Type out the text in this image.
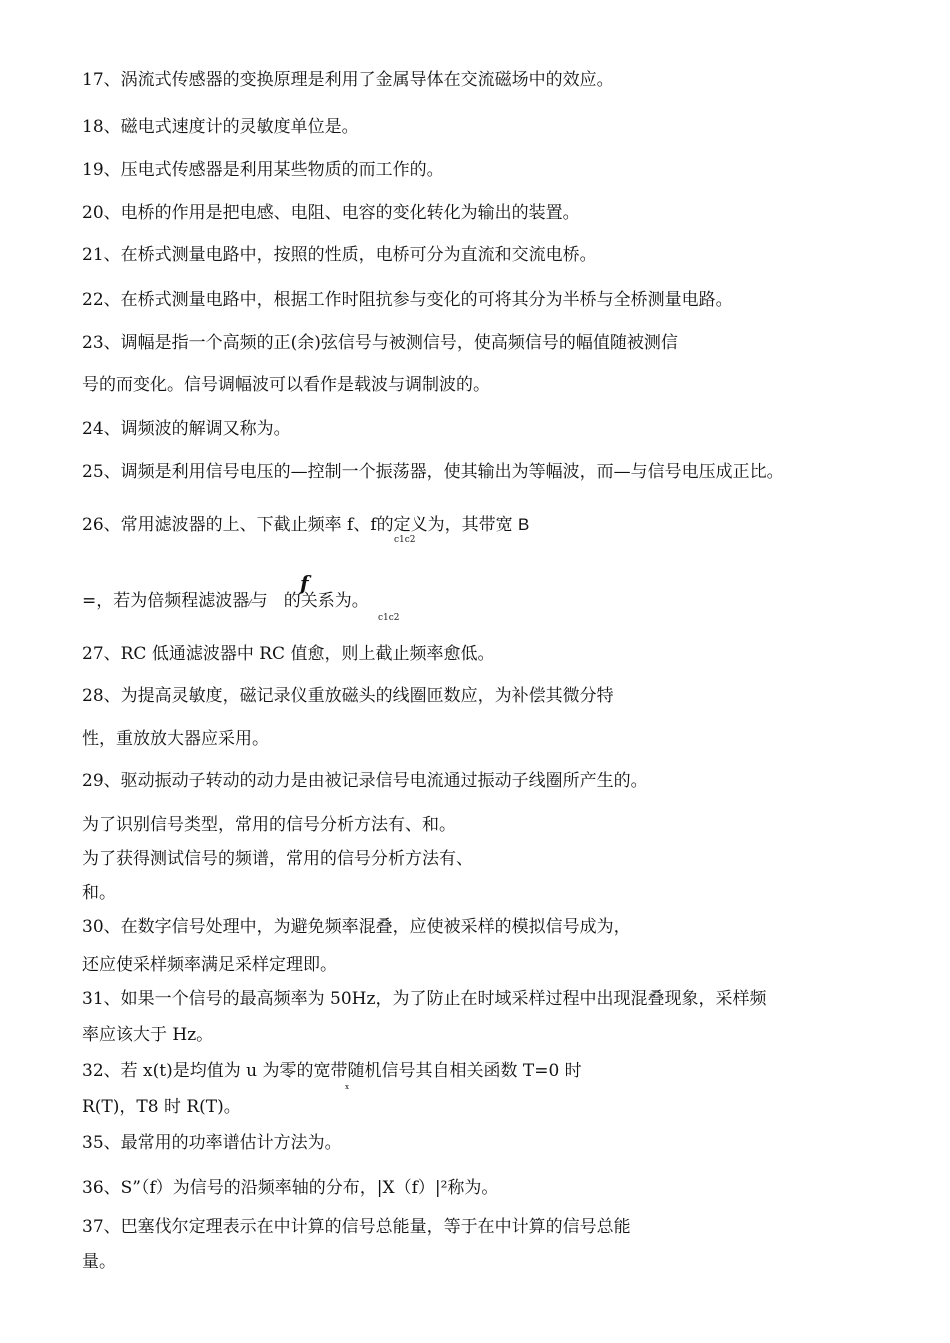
17、涡流式传感器的变换原理是利用了金属导体在交流磁场中的效应。
18、磁电式速度计的灵敏度单位是。
19、压电式传感器是利用某些物质的而工作的。
20、电桥的作用是把电感、电阻、电容的变化转化为输出的装置。
21、在桥式测量电路中，按照的性质，电桥可分为直流和交流电桥。
22、在桥式测量电路中，根据工作时阻抗参与变化的可将其分为半桥与全桥测量电路。
23、调幅是指一个高频的正(余)弦信号与被测信号，使高频信号的幅值随被测信
号的而变化。信号调幅波可以看作是载波与调制波的。
24、调频波的解调又称为。
25、调频是利用信号电压的—控制一个振荡器，使其输出为等幅波，而—与信号电压成正比。
26、常用滤波器的上、下截止频率 f、f的定义为，其带宽 B
c1c2
=，若为倍频程滤波器⁄与 的关系为。
f
c1c2
27、RC 低通滤波器中 RC 值愈，则上截止频率愈低。
28、为提高灵敏度，磁记录仪重放磁头的线圈匝数应，为补偿其微分特
性，重放放大器应采用。
29、驱动振动子转动的动力是由被记录信号电流通过振动子线圈所产生的。
为了识别信号类型，常用的信号分析方法有、和。
为了获得测试信号的频谱，常用的信号分析方法有、
和。
30、在数字信号处理中，为避免频率混叠，应使被采样的模拟信号成为，
还应使采样频率满足采样定理即。
31、如果一个信号的最高频率为 50Hz，为了防止在时域采样过程中出现混叠现象，采样频
率应该大于 Hz。
32、若 x(t)是均值为 u 为零的宽带随机信号其自相关函数 T=0 时
x
R(T)，T8 时 R(T)。
35、最常用的功率谱估计方法为。
36、S”（f）为信号的沿频率轴的分布，|X（f）|²称为。
37、巴塞伐尔定理表示在中计算的信号总能量，等于在中计算的信号总能
量。
